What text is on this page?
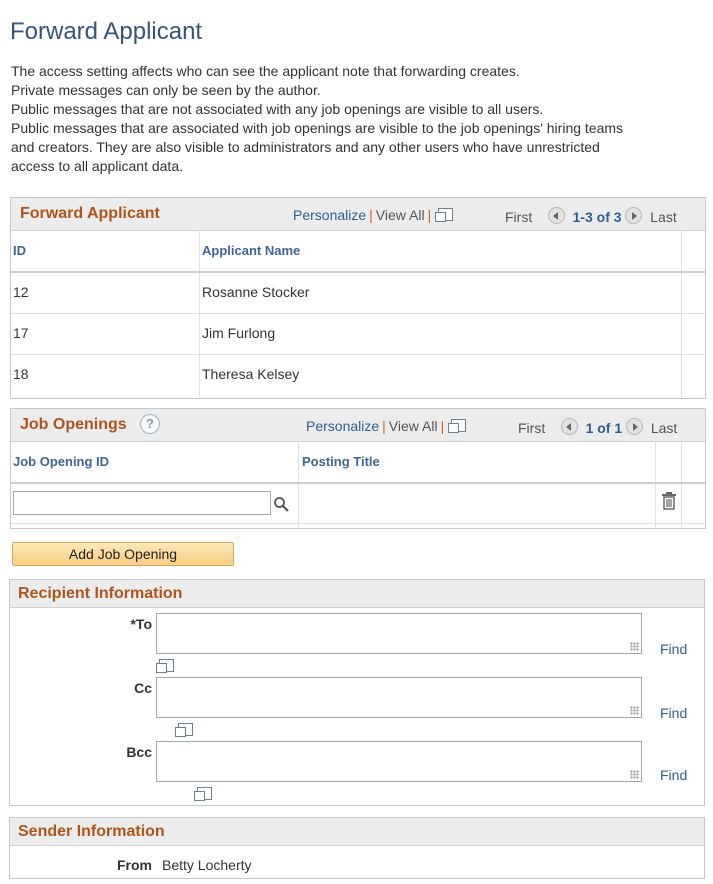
Forward Applicant
The access setting affects who can see the applicant note that forwarding creates.
Private messages can only be seen by the author.
Public messages that are not associated with any job openings are visible to all users.
Public messages that are associated with job openings are visible to the job openings' hiring teams
and creators. They are also visible to administrators and any other users who have unrestricted
access to all applicant data.
Forward Applicant	Personalize | View All |	First	1-3 of 3 Last
ID	Applicant Name
12	Rosanne Stocker
17	Jim Furlong
18	Theresa Kelsey
Job Openings	?	Personalize | View All |	First	1 of 1 Last
Job Opening ID	Posting Title
Add Job Opening
Recipient Information
*To

Find
Cc

Find
Bcc
Find
Sender Information
From Betty Locherty
